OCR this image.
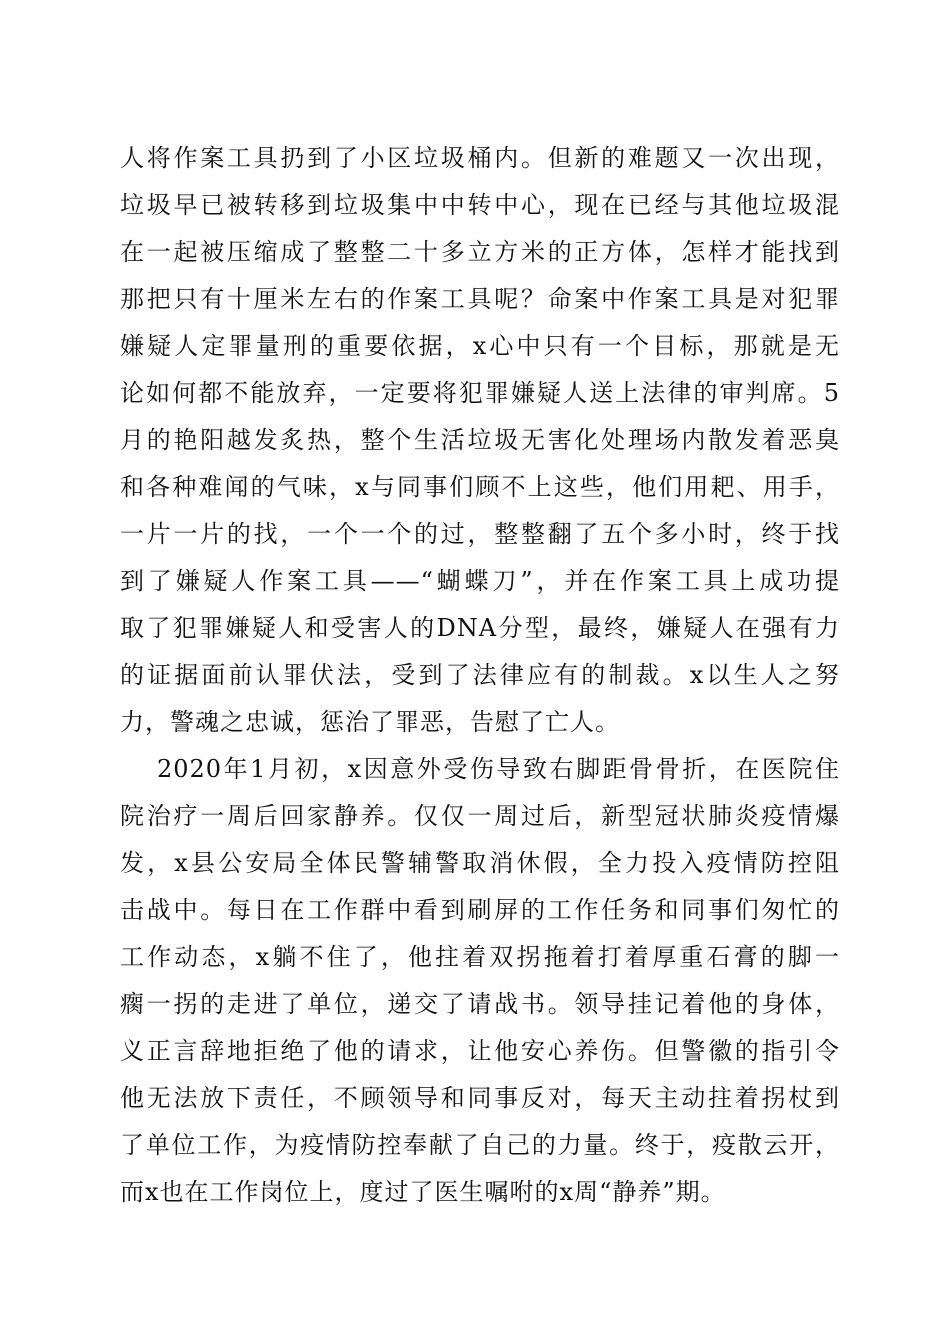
人将作案工具扔到了小区垃圾桶内。但新的难题又一次出现，
垃圾早已被转移到垃圾集中中转中心，现在已经与其他垃圾混
在一起被压缩成了整整二十多立方米的正方体，怎样才能找到
那把只有十厘米左右的作案工具呢？命案中作案工具是对犯罪
嫌疑人定罪量刑的重要依据，x心中只有一个目标，那就是无
论如何都不能放弃，一定要将犯罪嫌疑人送上法律的审判席。5
月的艳阳越发炙热，整个生活垃圾无害化处理场内散发着恶臭
和各种难闻的气味，x与同事们顾不上这些，他们用耙、用手，
一片一片的找，一个一个的过，整整翻了五个多小时，终于找
到了嫌疑人作案工具——“蝴蝶刀”，并在作案工具上成功提
取了犯罪嫌疑人和受害人的DNA分型，最终，嫌疑人在强有力
的证据面前认罪伏法，受到了法律应有的制裁。x以生人之努
力，警魂之忠诚，惩治了罪恶，告慰了亡人。
2020年1月初，x因意外受伤导致右脚距骨骨折，在医院住
院治疗一周后回家静养。仅仅一周过后，新型冠状肺炎疫情爆
发，x县公安局全体民警辅警取消休假，全力投入疫情防控阻
击战中。每日在工作群中看到刷屏的工作任务和同事们匆忙的
工作动态，x躺不住了，他拄着双拐拖着打着厚重石膏的脚一
瘸一拐的走进了单位，递交了请战书。领导挂记着他的身体，
义正言辞地拒绝了他的请求，让他安心养伤。但警徽的指引令
他无法放下责任，不顾领导和同事反对，每天主动拄着拐杖到
了单位工作，为疫情防控奉献了自己的力量。终于，疫散云开，
而x也在工作岗位上，度过了医生嘱咐的x周“静养”期。
